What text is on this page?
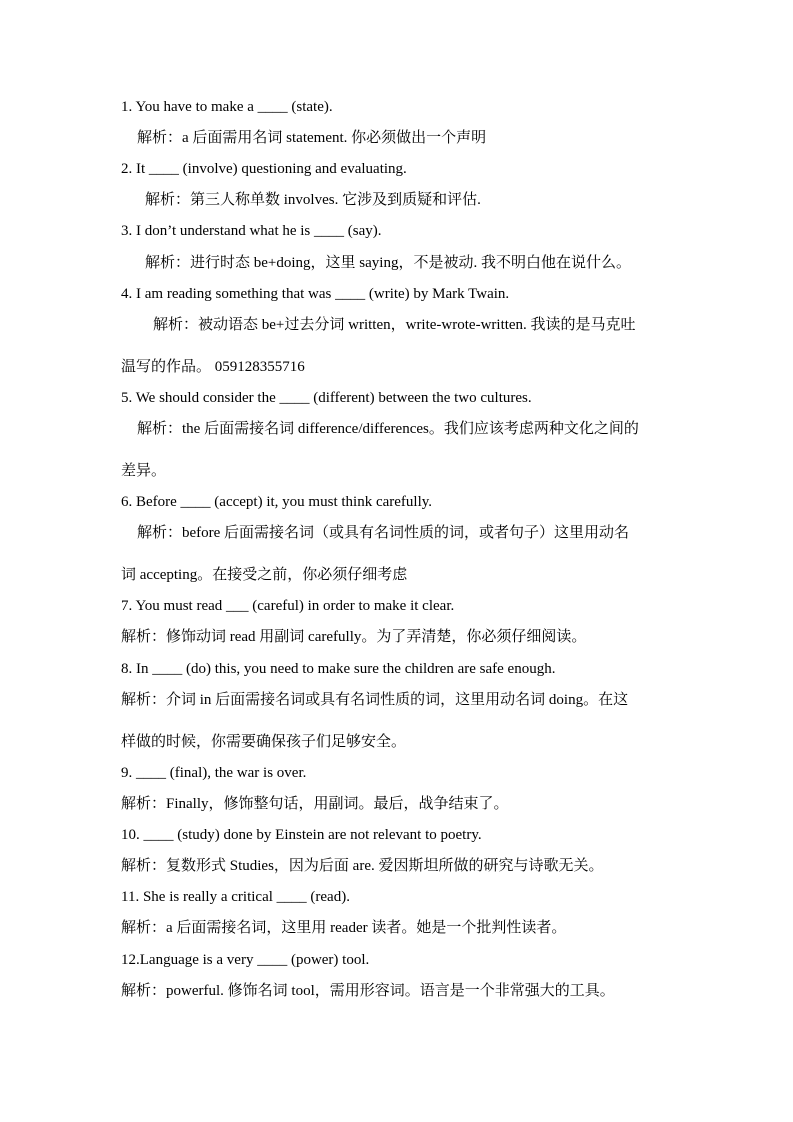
1. You have to make a ____ (state).
解析：a 后面需用名词 statement. 你必须做出一个声明
2. It ____ (involve) questioning and evaluating.
解析：第三人称单数 involves. 它涉及到质疑和评估.
3. I don’t understand what he is ____ (say).
解析：进行时态 be+doing，这里 saying，不是被动. 我不明白他在说什么。
4. I am reading something that was ____ (write) by Mark Twain.
解析：被动语态 be+过去分词 written，write-wrote-written. 我读的是马克吐
温写的作品。 059128355716
5. We should consider the ____ (different) between the two cultures.
解析：the 后面需接名词 difference/differences。我们应该考虑两种文化之间的
差异。
6. Before ____ (accept) it, you must think carefully.
解析：before 后面需接名词（或具有名词性质的词，或者句子）这里用动名
词 accepting。在接受之前，你必须仔细考虑
7. You must read ___ (careful) in order to make it clear.
解析：修饰动词 read 用副词 carefully。为了弄清楚，你必须仔细阅读。
8. In ____ (do) this, you need to make sure the children are safe enough.
解析：介词 in 后面需接名词或具有名词性质的词，这里用动名词 doing。在这
样做的时候，你需要确保孩子们足够安全。
9. ____ (final), the war is over.
解析：Finally，修饰整句话，用副词。最后，战争结束了。
10. ____ (study) done by Einstein are not relevant to poetry.
解析：复数形式 Studies，因为后面 are. 爱因斯坦所做的研究与诗歌无关。
11. She is really a critical ____ (read).
解析：a 后面需接名词，这里用 reader 读者。她是一个批判性读者。
12.Language is a very ____ (power) tool.
解析：powerful. 修饰名词 tool，需用形容词。语言是一个非常强大的工具。
